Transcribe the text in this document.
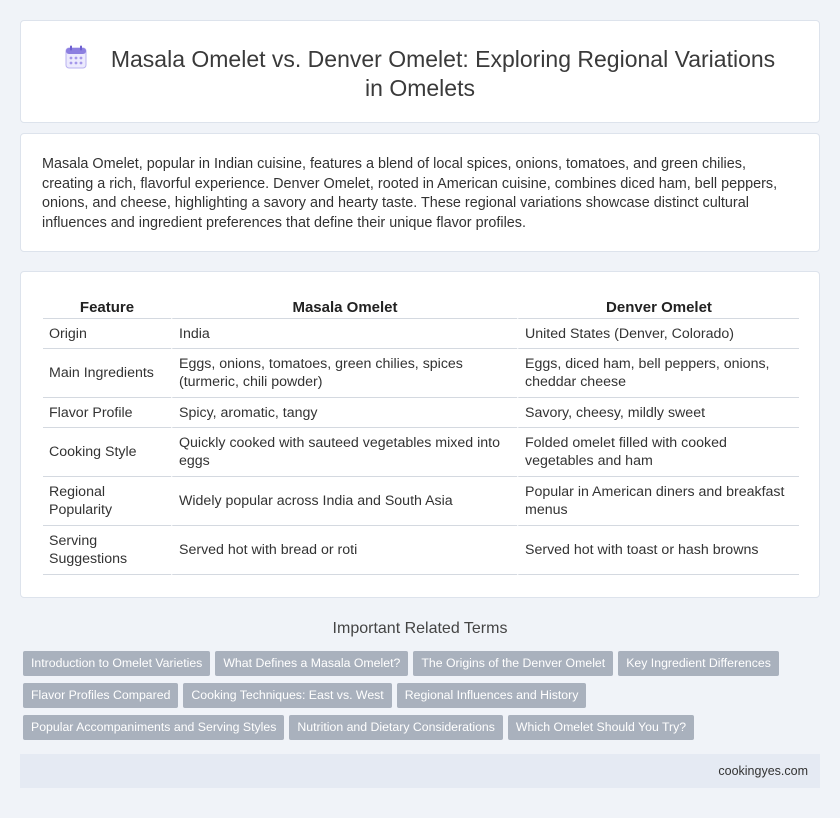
Masala Omelet vs. Denver Omelet: Exploring Regional Variations in Omelets

Masala Omelet, popular in Indian cuisine, features a blend of local spices, onions, tomatoes, and green chilies, creating a rich, flavorful experience. Denver Omelet, rooted in American cuisine, combines diced ham, bell peppers, onions, and cheese, highlighting a savory and hearty taste. These regional variations showcase distinct cultural influences and ingredient preferences that define their unique flavor profiles.

Feature	Masala Omelet	Denver Omelet
Origin	India	United States (Denver, Colorado)
Main Ingredients	Eggs, onions, tomatoes, green chilies, spices (turmeric, chili powder)	Eggs, diced ham, bell peppers, onions, cheddar cheese
Flavor Profile	Spicy, aromatic, tangy	Savory, cheesy, mildly sweet
Cooking Style	Quickly cooked with sauteed vegetables mixed into eggs	Folded omelet filled with cooked vegetables and ham
Regional Popularity	Widely popular across India and South Asia	Popular in American diners and breakfast menus
Serving Suggestions	Served hot with bread or roti	Served hot with toast or hash browns
Important Related Terms
Introduction to Omelet Varieties What Defines a Masala Omelet? The Origins of the Denver Omelet Key Ingredient Differences
Flavor Profiles Compared Cooking Techniques: East vs. West Regional Influences and History
Popular Accompaniments and Serving Styles Nutrition and Dietary Considerations Which Omelet Should You Try?
cookingyes.com
